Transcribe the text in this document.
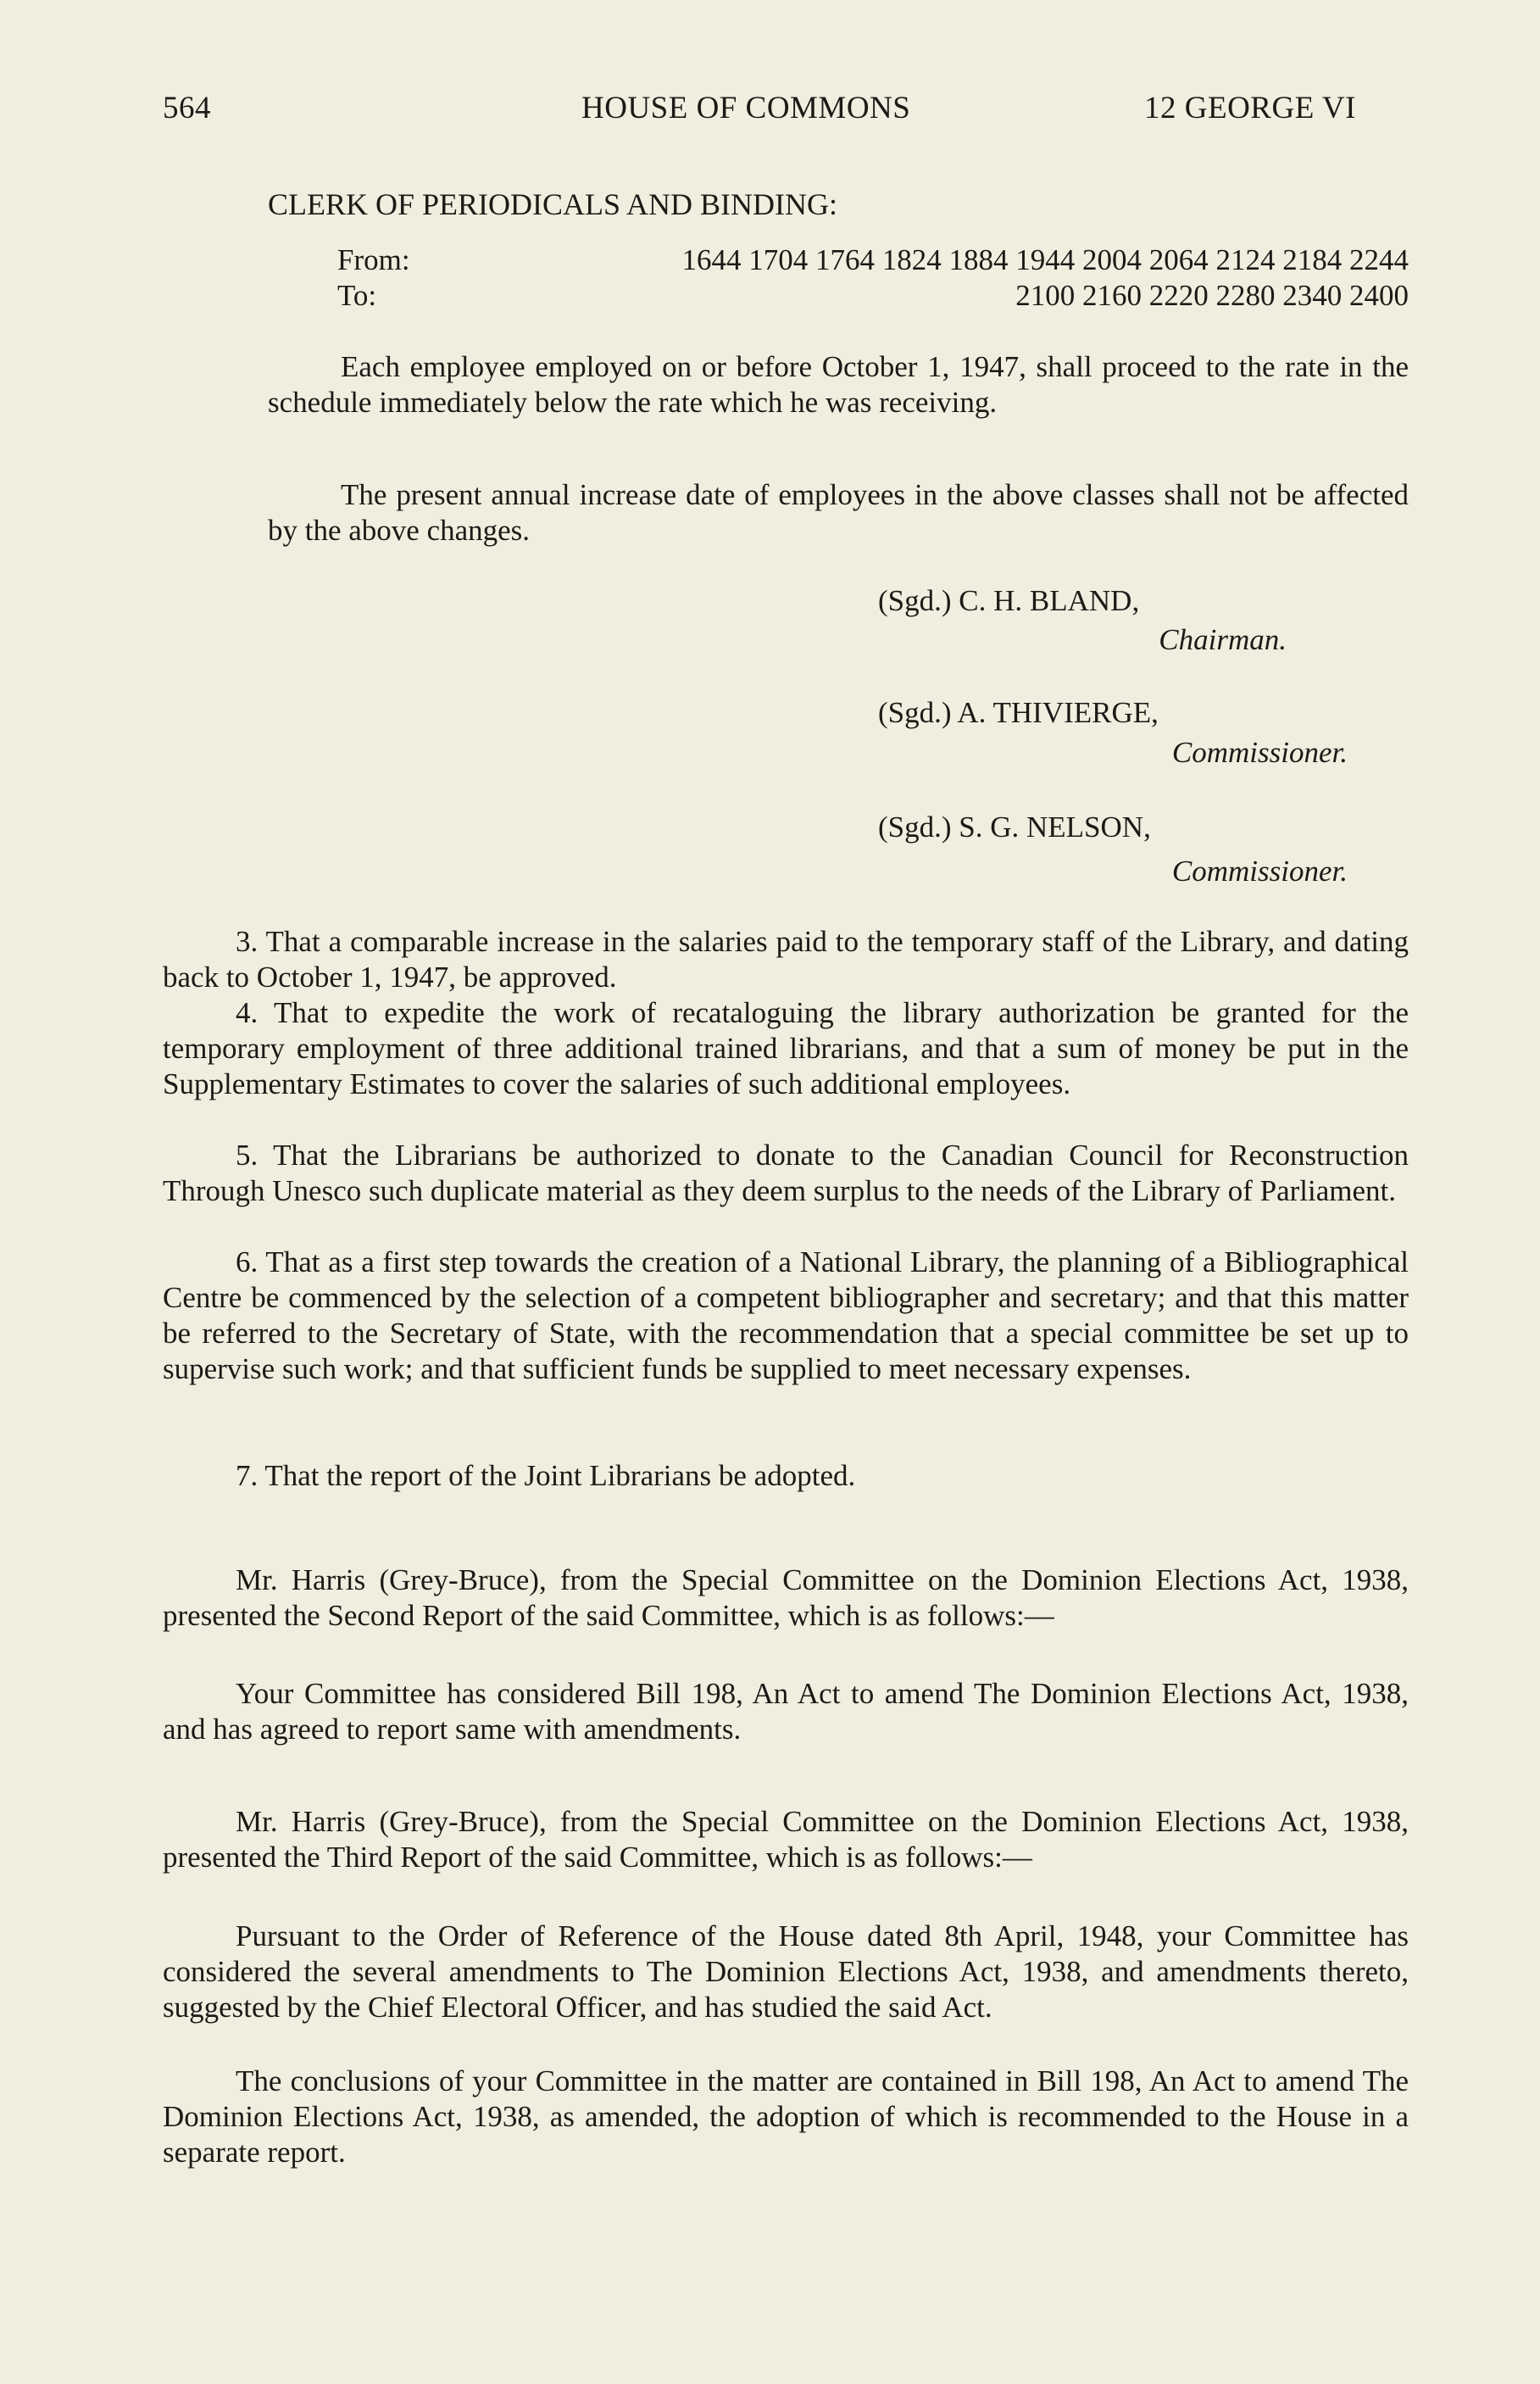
564	HOUSE OF COMMONS	12 GEORGE VI
CLERK OF PERIODICALS AND BINDING:
From:	1644 1704 1764 1824 1884 1944 2004 2064 2124 2184 2244
To:	2100 2160 2220 2280 2340 2400

Each employee employed on or before October 1, 1947, shall proceed to the rate in the schedule immediately below the rate which he was receiving.

The present annual increase date of employees in the above classes shall not be affected by the above changes.

(Sgd.) C. H. BLAND,
Chairman.
(Sgd.) A. THIVIERGE,
Commissioner.
(Sgd.) S. G. NELSON,
Commissioner.

3. That a comparable increase in the salaries paid to the temporary staff of the Library, and dating back to October 1, 1947, be approved.

4. That to expedite the work of recataloguing the library authorization be granted for the temporary employment of three additional trained librarians, and that a sum of money be put in the Supplementary Estimates to cover the salaries of such additional employees.

5. That the Librarians be authorized to donate to the Canadian Council for Reconstruction Through Unesco such duplicate material as they deem surplus to the needs of the Library of Parliament.

6. That as a first step towards the creation of a National Library, the planning of a Bibliographical Centre be commenced by the selection of a competent bibliographer and secretary; and that this matter be referred to the Secretary of State, with the recommendation that a special committee be set up to supervise such work; and that sufficient funds be supplied to meet necessary expenses.

7. That the report of the Joint Librarians be adopted.

Mr. Harris (Grey-Bruce), from the Special Committee on the Dominion Elections Act, 1938, presented the Second Report of the said Committee, which is as follows:—

Your Committee has considered Bill 198, An Act to amend The Dominion Elections Act, 1938, and has agreed to report same with amendments.

Mr. Harris (Grey-Bruce), from the Special Committee on the Dominion Elections Act, 1938, presented the Third Report of the said Committee, which is as follows:—

Pursuant to the Order of Reference of the House dated 8th April, 1948, your Committee has considered the several amendments to The Dominion Elections Act, 1938, and amendments thereto, suggested by the Chief Electoral Officer, and has studied the said Act.

The conclusions of your Committee in the matter are contained in Bill 198, An Act to amend The Dominion Elections Act, 1938, as amended, the adoption of which is recommended to the House in a separate report.
